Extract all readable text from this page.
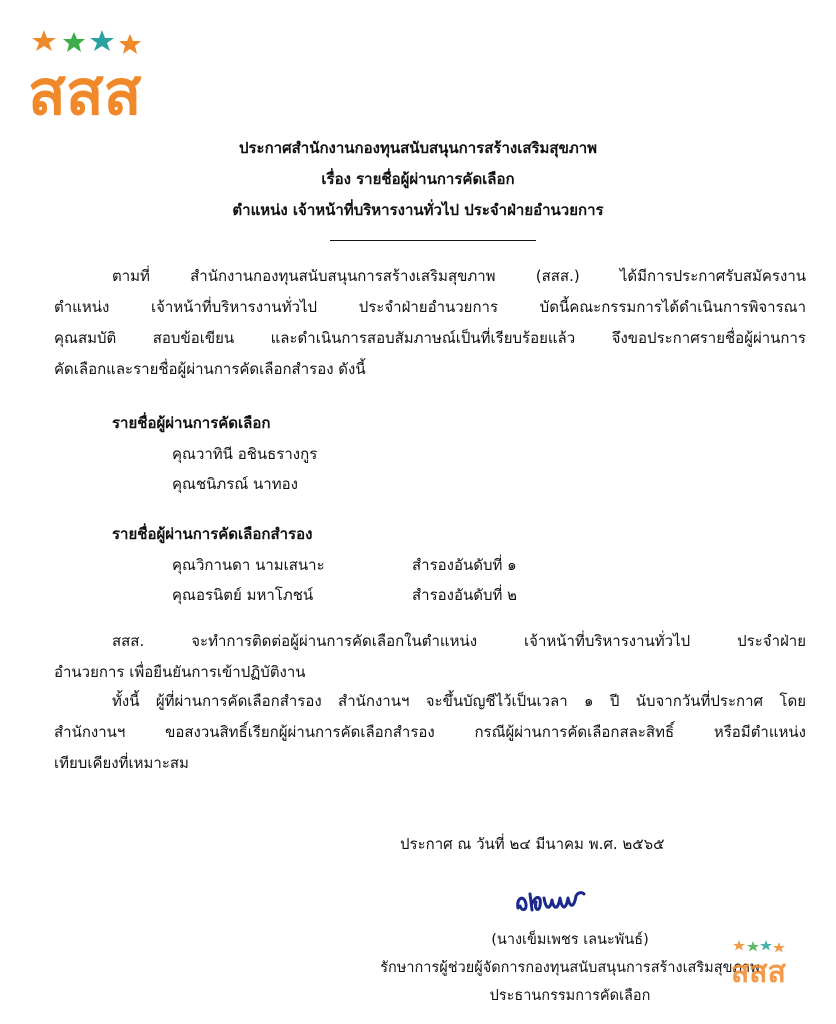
สสส
ประกาศสำนักงานกองทุนสนับสนุนการสร้างเสริมสุขภาพ
เรื่อง รายชื่อผู้ผ่านการคัดเลือก
ตำแหน่ง เจ้าหน้าที่บริหารงานทั่วไป ประจำฝ่ายอำนวยการ
ตามที่ สำนักงานกองทุนสนับสนุนการสร้างเสริมสุขภาพ (สสส.) ได้มีการประกาศรับสมัครงาน
ตำแหน่ง เจ้าหน้าที่บริหารงานทั่วไป ประจำฝ่ายอำนวยการ บัดนี้คณะกรรมการได้ดำเนินการพิจารณา
คุณสมบัติ สอบข้อเขียน และดำเนินการสอบสัมภาษณ์เป็นที่เรียบร้อยแล้ว จึงขอประกาศรายชื่อผู้ผ่านการ
คัดเลือกและรายชื่อผู้ผ่านการคัดเลือกสำรอง ดังนี้
รายชื่อผู้ผ่านการคัดเลือก
คุณวาทินี อชินธรางกูร
คุณชนิภรณ์ นาทอง
รายชื่อผู้ผ่านการคัดเลือกสำรอง
คุณวิกานดา นามเสนาะ	สำรองอันดับที่ ๑
คุณอรนิตย์ มหาโภชน์	สำรองอันดับที่ ๒
สสส. จะทำการติดต่อผู้ผ่านการคัดเลือกในตำแหน่ง เจ้าหน้าที่บริหารงานทั่วไป ประจำฝ่าย
อำนวยการ เพื่อยืนยันการเข้าปฏิบัติงาน
ทั้งนี้ ผู้ที่ผ่านการคัดเลือกสำรอง สำนักงานฯ จะขึ้นบัญชีไว้เป็นเวลา ๑ ปี นับจากวันที่ประกาศ โดย
สำนักงานฯ ขอสงวนสิทธิ์เรียกผู้ผ่านการคัดเลือกสำรอง กรณีผู้ผ่านการคัดเลือกสละสิทธิ์ หรือมีตำแหน่ง
เทียบเคียงที่เหมาะสม
ประกาศ ณ วันที่ ๒๔ มีนาคม พ.ศ. ๒๕๖๕
(นางเข็มเพชร เลนะพันธ์)
รักษาการผู้ช่วยผู้จัดการกองทุนสนับสนุนการสร้างเสริมสุขภาพ
ประธานกรรมการคัดเลือก
สสส
